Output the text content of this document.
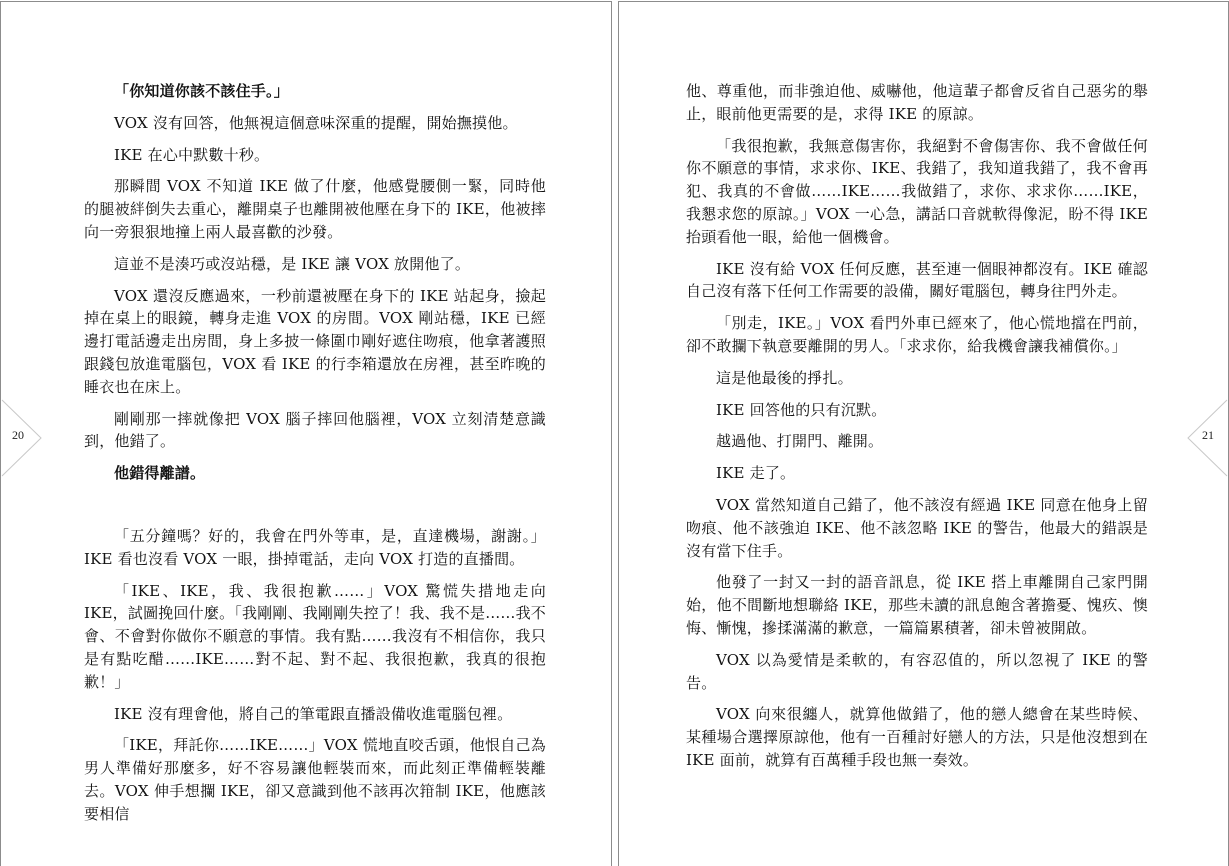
「你知道你該不該住手。」

VOX 沒有回答，他無視這個意味深重的提醒，開始撫摸他。

IKE 在心中默數十秒。

那瞬間 VOX 不知道 IKE 做了什麼，他感覺腰側一緊，同時他的腿被絆倒失去重心，離開桌子也離開被他壓在身下的 IKE，他被摔向一旁狠狠地撞上兩人最喜歡的沙發。

這並不是湊巧或沒站穩，是 IKE 讓 VOX 放開他了。

VOX 還沒反應過來，一秒前還被壓在身下的 IKE 站起身，撿起掉在桌上的眼鏡，轉身走進 VOX 的房間。VOX 剛站穩，IKE 已經邊打電話邊走出房間，身上多披一條圍巾剛好遮住吻痕，他拿著護照跟錢包放進電腦包，VOX 看 IKE 的行李箱還放在房裡，甚至昨晚的睡衣也在床上。

剛剛那一摔就像把 VOX 腦子摔回他腦裡，VOX 立刻清楚意識到，他錯了。

他錯得離譜。

「五分鐘嗎？好的，我會在門外等車，是，直達機場，謝謝。」IKE 看也沒看 VOX 一眼，掛掉電話，走向 VOX 打造的直播間。

「IKE、IKE，我、我很抱歉……」VOX 驚慌失措地走向 IKE，試圖挽回什麼。「我剛剛、我剛剛失控了！我、我不是……我不會、不會對你做你不願意的事情。我有點……我沒有不相信你，我只是有點吃醋……IKE……對不起、對不起、我很抱歉，我真的很抱歉！」

IKE 沒有理會他，將自己的筆電跟直播設備收進電腦包裡。

「IKE，拜託你……IKE……」VOX 慌地直咬舌頭，他恨自己為男人準備好那麼多，好不容易讓他輕裝而來，而此刻正準備輕裝離去。VOX 伸手想攔 IKE，卻又意識到他不該再次箝制 IKE，他應該要相信

20

他、尊重他，而非強迫他、威嚇他，他這輩子都會反省自己惡劣的舉止，眼前他更需要的是，求得 IKE 的原諒。

「我很抱歉，我無意傷害你，我絕對不會傷害你、我不會做任何你不願意的事情，求求你、IKE、我錯了，我知道我錯了，我不會再犯、我真的不會做……IKE……我做錯了，求你、求求你……IKE，我懇求您的原諒。」VOX 一心急，講話口音就軟得像泥，盼不得 IKE 抬頭看他一眼，給他一個機會。

IKE 沒有給 VOX 任何反應，甚至連一個眼神都沒有。IKE 確認自己沒有落下任何工作需要的設備，關好電腦包，轉身往門外走。

「別走，IKE。」VOX 看門外車已經來了，他心慌地擋在門前，卻不敢攔下執意要離開的男人。「求求你，給我機會讓我補償你。」

這是他最後的掙扎。

IKE 回答他的只有沉默。

越過他、打開門、離開。

IKE 走了。

VOX 當然知道自己錯了，他不該沒有經過 IKE 同意在他身上留吻痕、他不該強迫 IKE、他不該忽略 IKE 的警告，他最大的錯誤是沒有當下住手。

他發了一封又一封的語音訊息，從 IKE 搭上車離開自己家門開始，他不間斷地想聯絡 IKE，那些未讀的訊息飽含著擔憂、愧疚、懊悔、慚愧，摻揉滿滿的歉意，一篇篇累積著，卻未曾被開啟。

VOX 以為愛情是柔軟的，有容忍值的，所以忽視了 IKE 的警告。

VOX 向來很纏人，就算他做錯了，他的戀人總會在某些時候、某種場合選擇原諒他，他有一百種討好戀人的方法，只是他沒想到在 IKE 面前，就算有百萬種手段也無一奏效。

21
